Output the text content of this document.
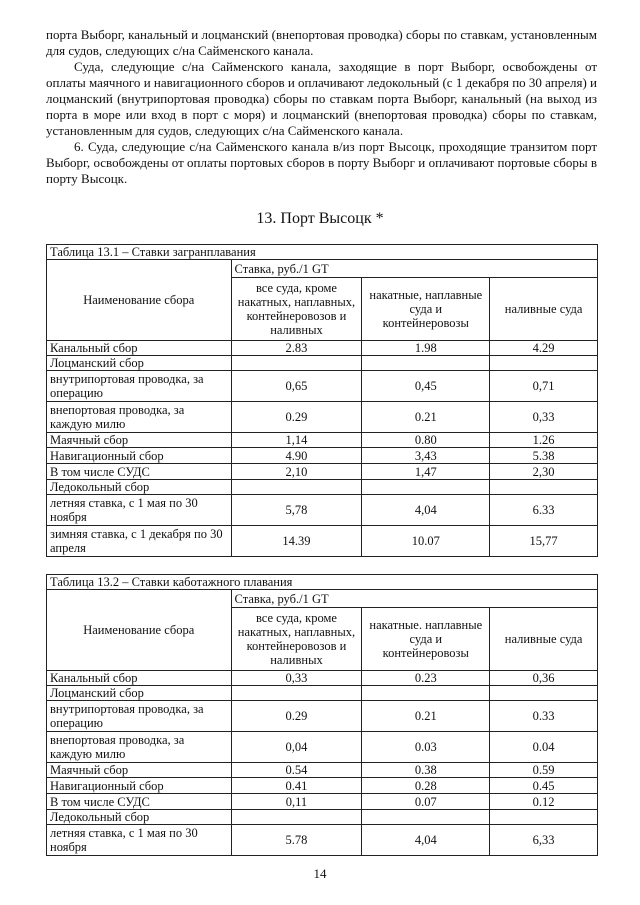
порта Выборг, канальный и лоцманский (внепортовая проводка) сборы по ставкам, установленным для судов, следующих с/на Сайменского канала.

Суда, следующие с/на Сайменского канала, заходящие в порт Выборг, освобождены от оплаты маячного и навигационного сборов и оплачивают ледокольный (с 1 декабря по 30 апреля) и лоцманский (внутрипортовая проводка) сборы по ставкам порта Выборг, канальный (на выход из порта в море или вход в порт с моря) и лоцманский (внепортовая проводка) сборы по ставкам, установленным для судов, следующих с/на Сайменского канала.

6. Суда, следующие с/на Сайменского канала в/из порт Высоцк, проходящие транзитом порт Выборг, освобождены от оплаты портовых сборов в порту Выборг и оплачивают портовые сборы в порту Высоцк.

13. Порт Высоцк *
Таблица 13.1 – Ставки загранплавания			
Наименование сбора	Ставка, руб./1 GT		
	все суда, кроме накатных, наплавных, контейнеровозов и наливных	накатные, наплавные суда и контейнеровозы	наливные суда
Канальный сбор	2.83	1.98	4.29
Лоцманский сбор			
внутрипортовая проводка, за операцию	0,65	0,45	0,71
внепортовая проводка, за каждую милю	0.29	0.21	0,33
Маячный сбор	1,14	0.80	1.26
Навигационный сбор	4.90	3,43	5.38
В том числе СУДС	2,10	1,47	2,30
Ледокольный сбор			
летняя ставка, с 1 мая по 30 ноября	5,78	4,04	6.33
зимняя ставка, с 1 декабря по 30 апреля	14.39	10.07	15,77
Таблица 13.2 – Ставки каботажного плавания			
Наименование сбора	Ставка, руб./1 GT		
	все суда, кроме накатных, наплавных, контейнеровозов и наливных	накатные. наплавные суда и контейнеровозы	наливные суда
Канальный сбор	0,33	0.23	0,36
Лоцманский сбор			
внутрипортовая проводка, за операцию	0.29	0.21	0.33
внепортовая проводка, за каждую милю	0,04	0.03	0.04
Маячный сбор	0.54	0.38	0.59
Навигационный сбор	0.41	0.28	0.45
В том числе СУДС	0,11	0.07	0.12
Ледокольный сбор			
летняя ставка, с 1 мая по 30 ноября	5.78	4,04	6,33
14
